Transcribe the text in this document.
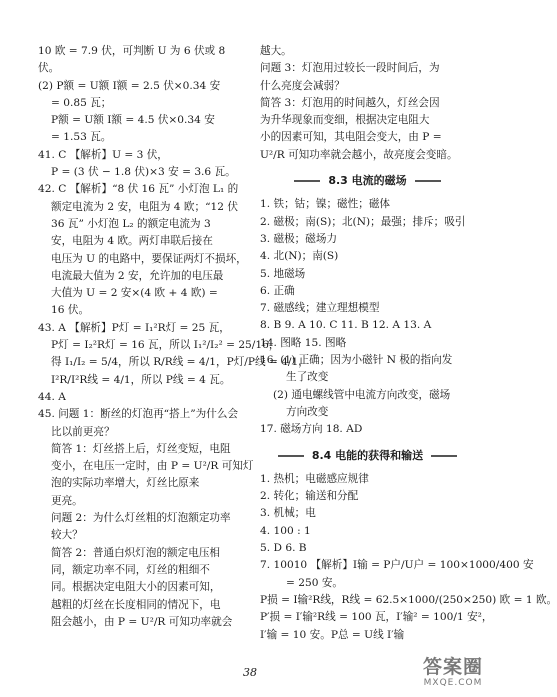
10 欧 = 7.9 伏，可判断 U 为 6 伏或 8
伏。
(2) P额 = U额 I额 = 2.5 伏×0.34 安
= 0.85 瓦；
P额 = U额 I额 = 4.5 伏×0.34 安
= 1.53 瓦。
41. C 【解析】U = 3 伏，
P = (3 伏 − 1.8 伏)×3 安 = 3.6 瓦。
42. C 【解析】“8 伏 16 瓦” 小灯泡 L₁ 的
额定电流为 2 安，电阻为 4 欧；“12 伏
36 瓦” 小灯泡 L₂ 的额定电流为 3
安，电阻为 4 欧。两灯串联后接在
电压为 U 的电路中，要保证两灯不损坏，
电流最大值为 2 安，允许加的电压最
大值为 U = 2 安×(4 欧 + 4 欧) =
16 伏。
43. A 【解析】P灯 = I₁²R灯 = 25 瓦，
P灯 = I₂²R灯 = 16 瓦，所以 I₁²/I₂² = 25/16，
得 I₁/I₂ = 5/4，所以 R/R线 = 4/1，P灯/P线 = 4/1，
I²R/I²R线 = 4/1，所以 P线 = 4 瓦。
44. A
45. 问题 1：断丝的灯泡再“搭上”为什么会
比以前更亮？
简答 1：灯丝搭上后，灯丝变短，电阻
变小，在电压一定时，由 P = U²/R 可知灯
泡的实际功率增大，灯丝比原来
更亮。
问题 2：为什么灯丝粗的灯泡额定功率
较大？
简答 2：普通白炽灯泡的额定电压相
同，额定功率不同，灯丝的粗细不
同。根据决定电阻大小的因素可知，
越粗的灯丝在长度相同的情况下，电
阻会越小，由 P = U²/R 可知功率就会
越大。
问题 3：灯泡用过较长一段时间后，为
什么亮度会减弱？
简答 3：灯泡用的时间越久，灯丝会因
为升华现象而变细，根据决定电阻大
小的因素可知，其电阻会变大，由 P =
U²/R 可知功率就会越小，故亮度会变暗。
8.3 电流的磁场
1. 铁；钴；镍；磁性；磁体
2. 磁极；南(S)；北(N)；最强；排斥；吸引
3. 磁极；磁场力
4. 北(N)；南(S)
5. 地磁场
6. 正确
7. 磁感线；建立理想模型
8. B 9. A 10. C 11. B 12. A 13. A
14. 图略 15. 图略
16. (1) 正确；因为小磁针 N 极的指向发
生了改变
(2) 通电螺线管中电流方向改变，磁场
方向改变
17. 磁场方向 18. AD
8.4 电能的获得和输送
1. 热机；电磁感应规律
2. 转化；输送和分配
3. 机械；电
4. 100 : 1
5. D 6. B
7. 10010 【解析】I输 = P户/U户 = 100×1000/400 安
= 250 安。
P损 = I输²R线，R线 = 62.5×1000/(250×250) 欧 = 1 欧。
P′损 = I′输²R线 = 100 瓦，I′输² = 100/1 安²，
I′输 = 10 安。P总 = U线 I′输
38	答案圈
MXQE.COM
